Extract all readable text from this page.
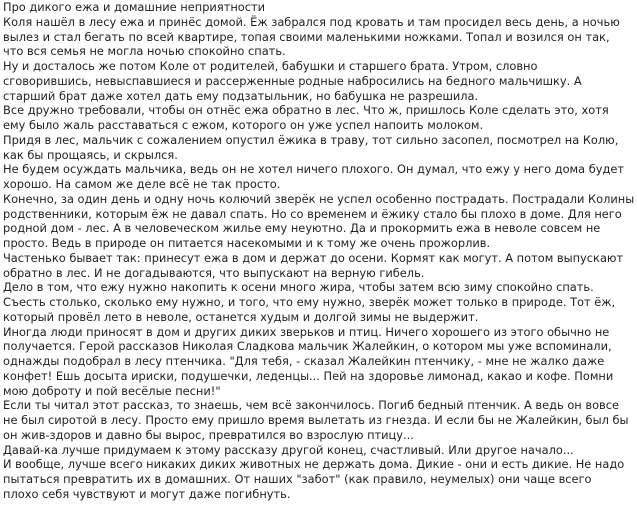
Про дикого ежа и домашние неприятности
Коля нашёл в лесу ежа и принёс домой. Ёж забрался под кровать и там просидел весь день, а ночью
вылез и стал бегать по всей квартире, топая своими маленькими ножками. Топал и возился он так,
что вся семья не могла ночью спокойно спать.
Ну и досталось же потом Коле от родителей, бабушки и старшего брата. Утром, словно
сговорившись, невыспавшиеся и рассерженные родные набросились на бедного мальчишку. А
старший брат даже хотел дать ему подзатыльник, но бабушка не разрешила.
Все дружно требовали, чтобы он отнёс ежа обратно в лес. Что ж, пришлось Коле сделать это, хотя
ему было жаль расставаться с ежом, которого он уже успел напоить молоком.
Придя в лес, мальчик с сожалением опустил ёжика в траву, тот сильно засопел, посмотрел на Колю,
как бы прощаясь, и скрылся.
Не будем осуждать мальчика, ведь он не хотел ничего плохого. Он думал, что ежу у него дома будет
хорошо. На самом же деле всё не так просто.
Конечно, за один день и одну ночь колючий зверёк не успел особенно пострадать. Пострадали Колины
родственники, которым ёж не давал спать. Но со временем и ёжику стало бы плохо в доме. Для него
родной дом - лес. А в человеческом жилье ему неуютно. Да и прокормить ежа в неволе совсем не
просто. Ведь в природе он питается насекомыми и к тому же очень прожорлив.
Частенько бывает так: принесут ежа в дом и держат до осени. Кормят как могут. А потом выпускают
обратно в лес. И не догадываются, что выпускают на верную гибель.
Дело в том, что ежу нужно накопить к осени много жира, чтобы затем всю зиму спокойно спать.
Съесть столько, сколько ему нужно, и того, что ему нужно, зверёк может только в природе. Тот ёж,
который провёл лето в неволе, останется худым и долгой зимы не выдержит.
Иногда люди приносят в дом и других диких зверьков и птиц. Ничего хорошего из этого обычно не
получается. Герой рассказов Николая Сладкова мальчик Жалейкин, о котором мы уже вспоминали,
однажды подобрал в лесу птенчика. "Для тебя, - сказал Жалейкин птенчику, - мне не жалко даже
конфет! Ешь досыта ириски, подушечки, леденцы... Пей на здоровье лимонад, какао и кофе. Помни
мою доброту и пой весёлые песни!"
Если ты читал этот рассказ, то знаешь, чем всё закончилось. Погиб бедный птенчик. А ведь он вовсе
не был сиротой в лесу. Просто ему пришло время вылетать из гнезда. И если бы не Жалейкин, был бы
он жив-здоров и давно бы вырос, превратился во взрослую птицу...
Давай-ка лучше придумаем к этому рассказу другой конец, счастливый. Или другое начало...
И вообще, лучше всего никаких диких животных не держать дома. Дикие - они и есть дикие. Не надо
пытаться превратить их в домашних. От наших "забот" (как правило, неумелых) они чаще всего
плохо себя чувствуют и могут даже погибнуть.
